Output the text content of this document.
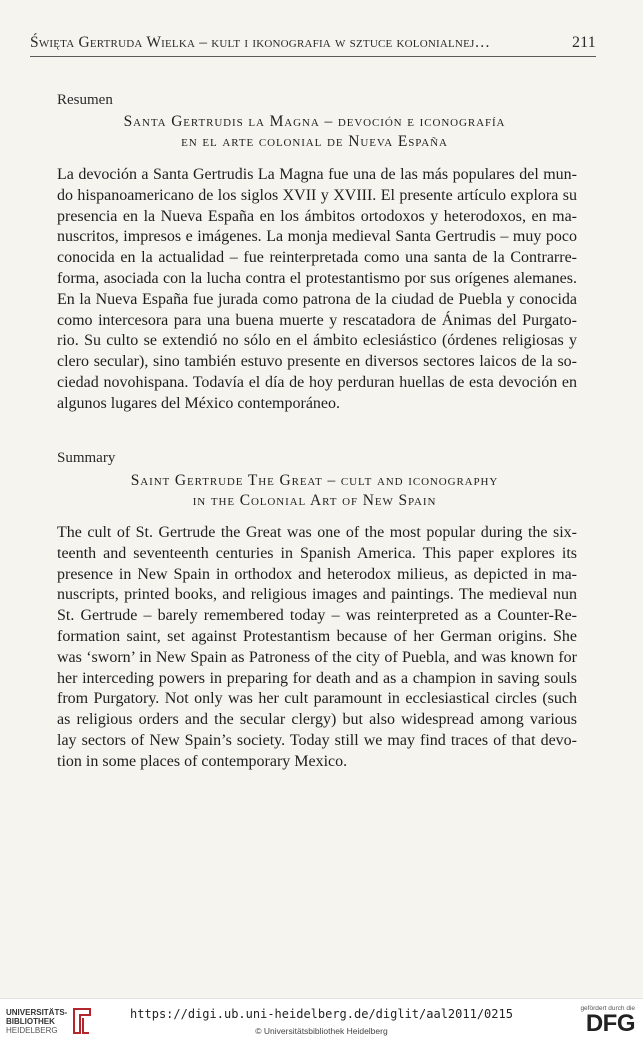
Święta Gertruda Wielka – kult i ikonografia w sztuce kolonialnej…	211
Resumen
Santa Gertrudis la Magna – devoción e iconografía
en el arte colonial de Nueva España
La devoción a Santa Gertrudis La Magna fue una de las más populares del mun-
do hispanoamericano de los siglos XVII y XVIII. El presente artículo explora su
presencia en la Nueva España en los ámbitos ortodoxos y heterodoxos, en ma-
nuscritos, impresos e imágenes. La monja medieval Santa Gertrudis – muy poco
conocida en la actualidad – fue reinterpretada como una santa de la Contrarre-
forma, asociada con la lucha contra el protestantismo por sus orígenes alemanes.
En la Nueva España fue jurada como patrona de la ciudad de Puebla y conocida
como intercesora para una buena muerte y rescatadora de Ánimas del Purgato-
rio. Su culto se extendió no sólo en el ámbito eclesiástico (órdenes religiosas y
clero secular), sino también estuvo presente en diversos sectores laicos de la so-
ciedad novohispana. Todavía el día de hoy perduran huellas de esta devoción en
algunos lugares del México contemporáneo.
Summary
Saint Gertrude The Great – cult and iconography
in the Colonial Art of New Spain
The cult of St. Gertrude the Great was one of the most popular during the six-
teenth and seventeenth centuries in Spanish America. This paper explores its
presence in New Spain in orthodox and heterodox milieus, as depicted in ma-
nuscripts, printed books, and religious images and paintings. The medieval nun
St. Gertrude – barely remembered today – was reinterpreted as a Counter-Re-
formation saint, set against Protestantism because of her German origins. She
was ‘sworn’ in New Spain as Patroness of the city of Puebla, and was known for
her interceding powers in preparing for death and as a champion in saving souls
from Purgatory. Not only was her cult paramount in ecclesiastical circles (such
as religious orders and the secular clergy) but also widespread among various
lay sectors of New Spain’s society. Today still we may find traces of that devo-
tion in some places of contemporary Mexico.
UNIVERSITÄTS-
BIBLIOTHEK
HEIDELBERG
https://digi.ub.uni-heidelberg.de/diglit/aal2011/0215
© Universitätsbibliothek Heidelberg
gefördert durch die
DFG
